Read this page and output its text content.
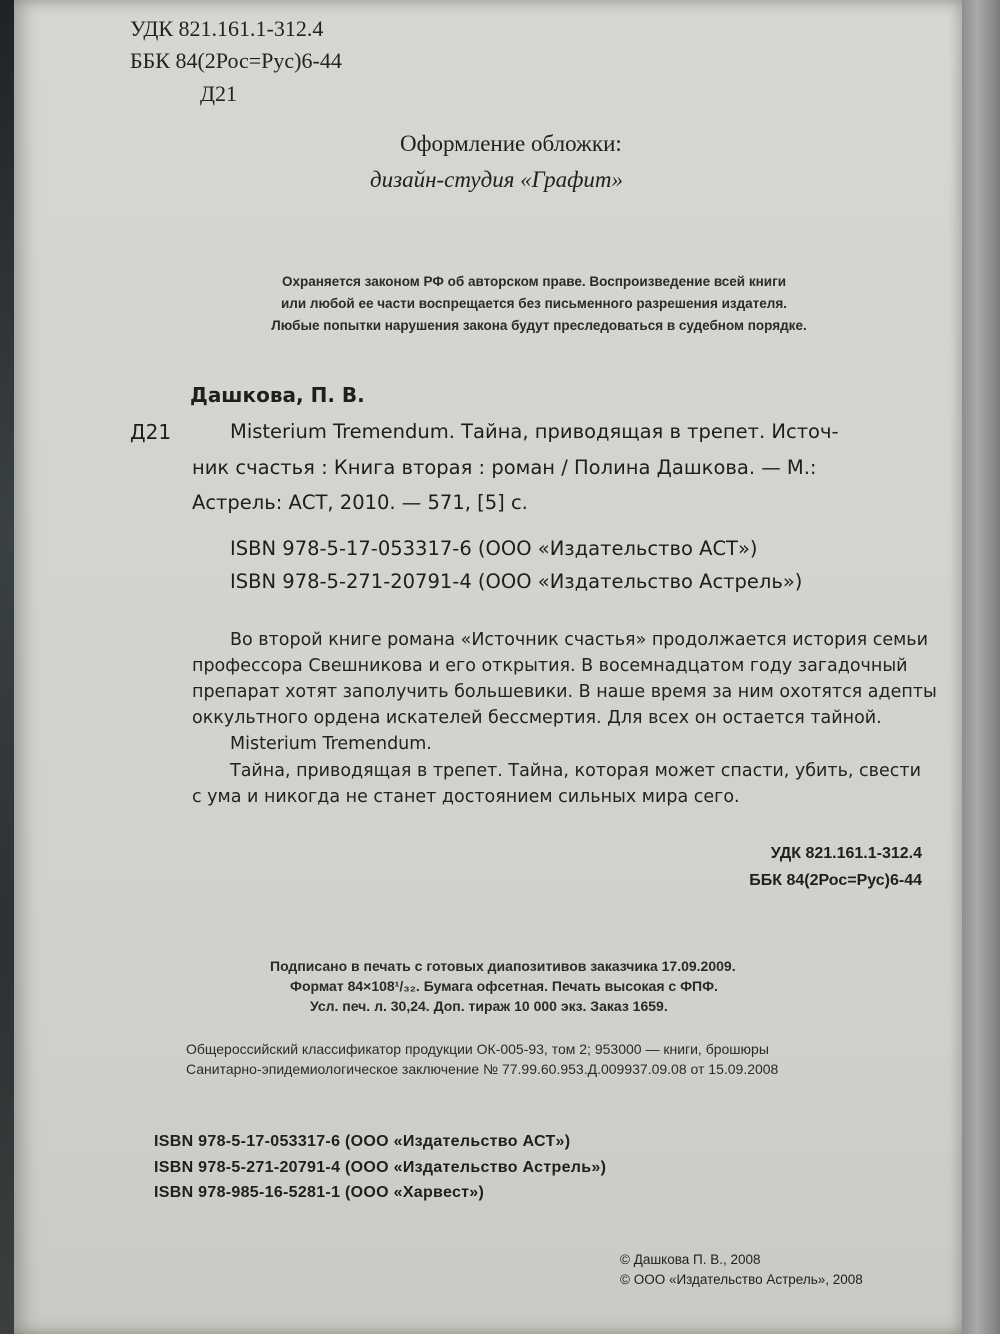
УДК 821.161.1-312.4
ББК 84(2Рос=Рус)6-44
Д21
Оформление обложки:
дизайн-студия «Графит»
Охраняется законом РФ об авторском праве. Воспроизведение всей книги
или любой ее части воспрещается без письменного разрешения издателя.
Любые попытки нарушения закона будут преследоваться в судебном порядке.
Дашкова, П. В.
Д21	Misterium Tremendum. Тайна, приводящая в трепет. Источ-
ник счастья : Книга вторая : роман / Полина Дашкова. — М.:
Астрель: АСТ, 2010. — 571, [5] с.
ISBN 978-5-17-053317-6 (ООО «Издательство АСТ»)
ISBN 978-5-271-20791-4 (ООО «Издательство Астрель»)
Во второй книге романа «Источник счастья» продолжается история семьи
профессора Свешникова и его открытия. В восемнадцатом году загадочный
препарат хотят заполучить большевики. В наше время за ним охотятся адепты
оккультного ордена искателей бессмертия. Для всех он остается тайной.
Misterium Tremendum.
Тайна, приводящая в трепет. Тайна, которая может спасти, убить, свести
с ума и никогда не станет достоянием сильных мира сего.
УДК 821.161.1-312.4
ББК 84(2Рос=Рус)6-44
Подписано в печать с готовых диапозитивов заказчика 17.09.2009.
Формат 84×108¹/₃₂. Бумага офсетная. Печать высокая с ФПФ.
Усл. печ. л. 30,24. Доп. тираж 10 000 экз. Заказ 1659.
Общероссийский классификатор продукции ОК-005-93, том 2; 953000 — книги, брошюры
Санитарно-эпидемиологическое заключение № 77.99.60.953.Д.009937.09.08 от 15.09.2008
ISBN 978-5-17-053317-6 (ООО «Издательство АСТ»)
ISBN 978-5-271-20791-4 (ООО «Издательство Астрель»)
ISBN 978-985-16-5281-1 (ООО «Харвест»)
© Дашкова П. В., 2008
© ООО «Издательство Астрель», 2008
